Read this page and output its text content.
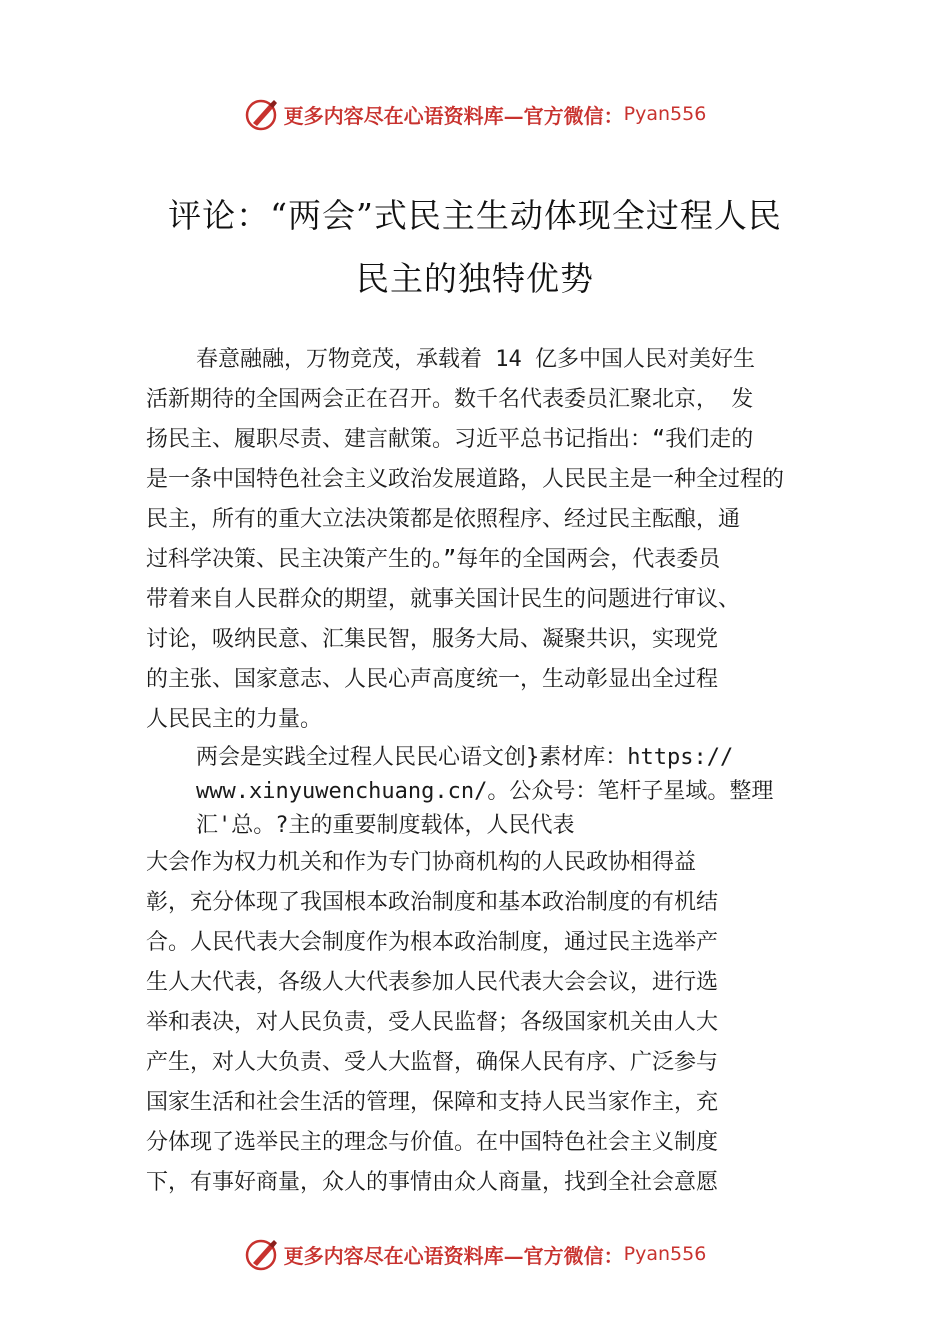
更多内容尽在心语资料库—官方微信： Pyan556
评论：“两会”式民主生动体现全过程人民
民主的独特优势
春意融融，万物竞茂，承载着 14 亿多中国人民对美好生
活新期待的全国两会正在召开。数千名代表委员汇聚北京， 发
扬民主、履职尽责、建言献策。习近平总书记指出：“我们走的
是一条中国特色社会主义政治发展道路，人民民主是一种全过程的
民主，所有的重大立法决策都是依照程序、经过民主酝酿，通
过科学决策、民主决策产生的。”每年的全国两会，代表委员
带着来自人民群众的期望，就事关国计民生的问题进行审议、
讨论，吸纳民意、汇集民智，服务大局、凝聚共识，实现党
的主张、国家意志、人民心声高度统一，生动彰显出全过程
人民民主的力量。
两会是实践全过程人民民心语文创}素材库：https://
www.xinyuwenchuang.cn/。公众号：笔杆子星域。整理
汇'总。?主的重要制度载体，人民代表
大会作为权力机关和作为专门协商机构的人民政协相得益
彰，充分体现了我国根本政治制度和基本政治制度的有机结
合。人民代表大会制度作为根本政治制度，通过民主选举产
生人大代表，各级人大代表参加人民代表大会会议，进行选
举和表决，对人民负责，受人民监督；各级国家机关由人大
产生，对人大负责、受人大监督，确保人民有序、广泛参与
国家生活和社会生活的管理，保障和支持人民当家作主，充
分体现了选举民主的理念与价值。在中国特色社会主义制度
下，有事好商量，众人的事情由众人商量，找到全社会意愿
更多内容尽在心语资料库—官方微信： Pyan556
